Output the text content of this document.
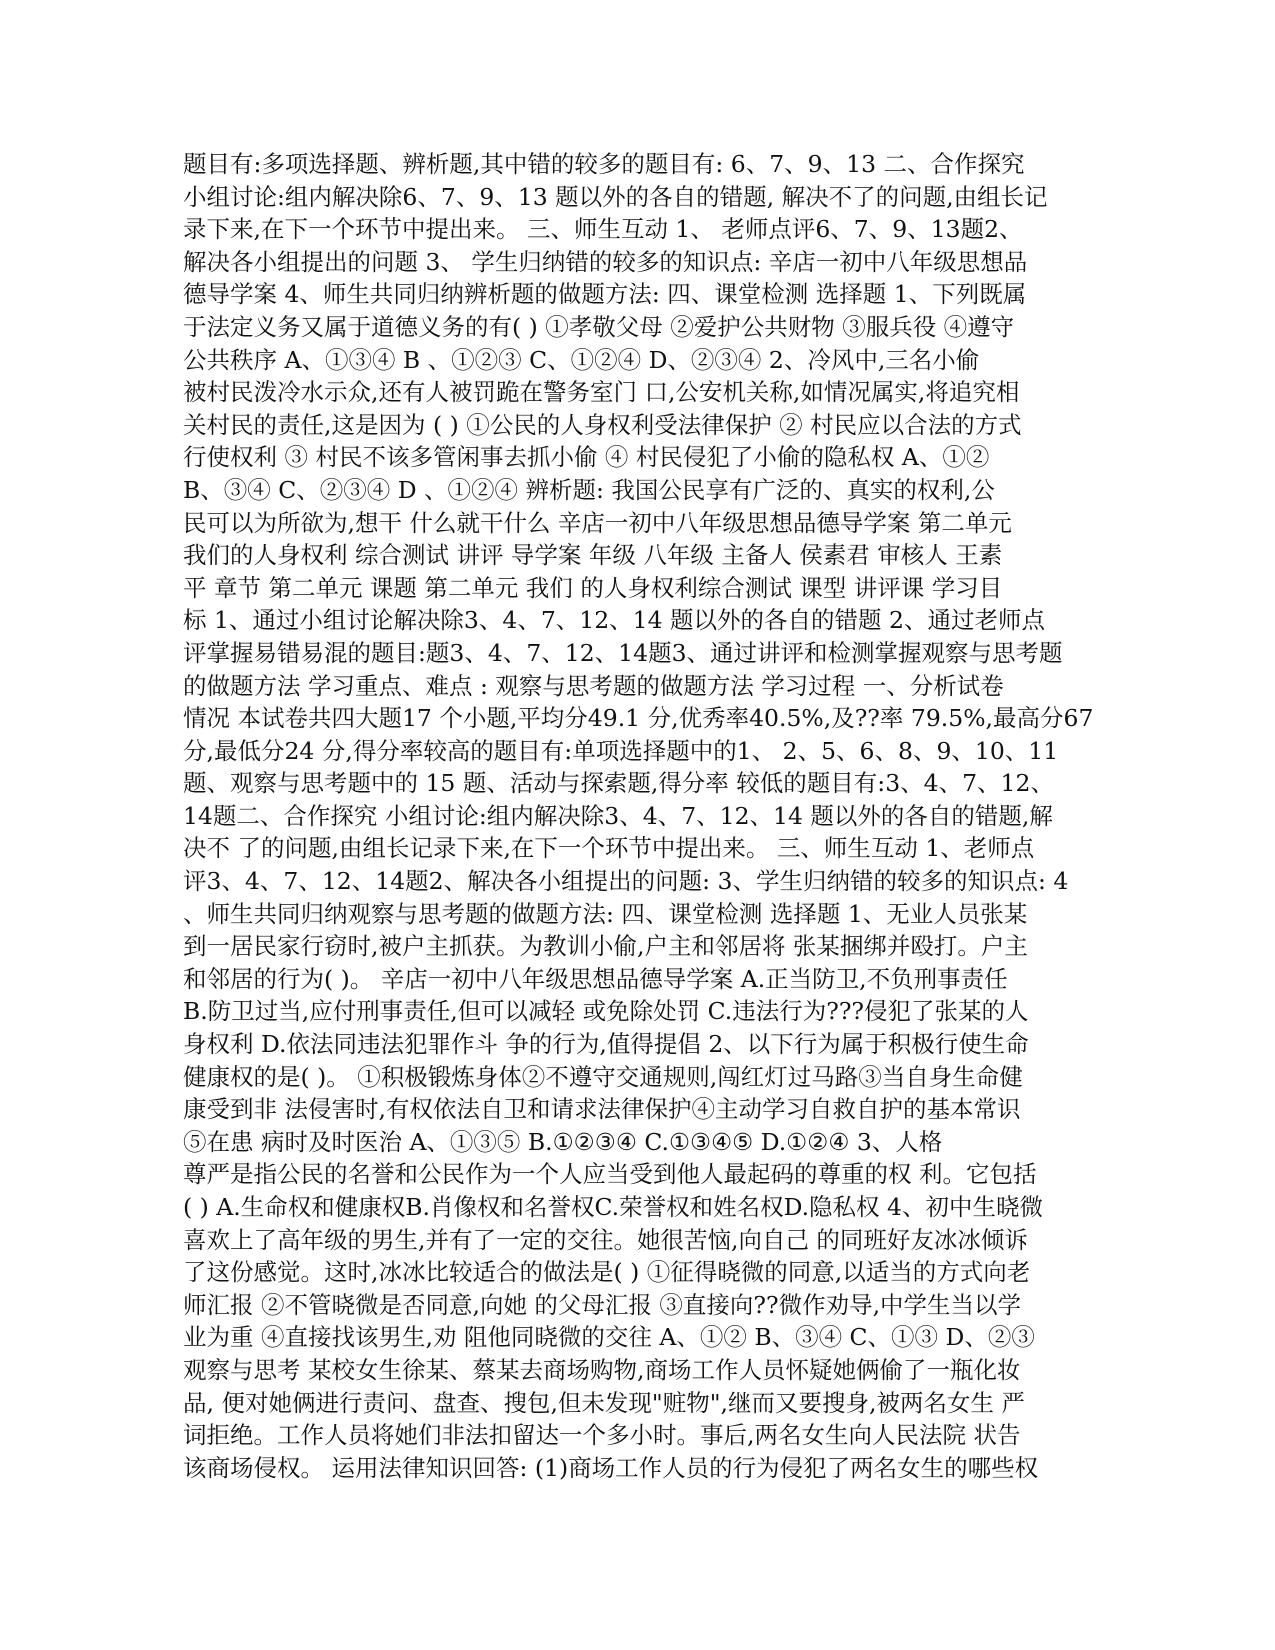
题目有:多项选择题、辨析题,其中错的较多的题目有: 6、7、9、13 二、合作探究
小组讨论:组内解决除6、7、9、13 题以外的各自的错题, 解决不了的问题,由组长记
录下来,在下一个环节中提出来。 三、师生互动 1、 老师点评6、7、9、13题2、
解决各小组提出的问题 3、 学生归纳错的较多的知识点: 辛店一初中八年级思想品
德导学案 4、师生共同归纳辨析题的做题方法: 四、课堂检测 选择题 1、下列既属
于法定义务又属于道德义务的有( ) ①孝敬父母 ②爱护公共财物 ③服兵役 ④遵守
公共秩序 A、①③④ B 、①②③ C、①②④ D、②③④ 2、冷风中,三名小偷
被村民泼冷水示众,还有人被罚跪在警务室门 口,公安机关称,如情况属实,将追究相
关村民的责任,这是因为 ( ) ①公民的人身权利受法律保护 ② 村民应以合法的方式
行使权利 ③ 村民不该多管闲事去抓小偷 ④ 村民侵犯了小偷的隐私权 A、①②
B、③④ C、②③④ D 、①②④ 辨析题: 我国公民享有广泛的、真实的权利,公
民可以为所欲为,想干 什么就干什么 辛店一初中八年级思想品德导学案 第二单元
我们的人身权利 综合测试 讲评 导学案 年级 八年级 主备人 侯素君 审核人 王素
平 章节 第二单元 课题 第二单元 我们 的人身权利综合测试 课型 讲评课 学习目
标 1、通过小组讨论解决除3、4、7、12、14 题以外的各自的错题 2、通过老师点
评掌握易错易混的题目:题3、4、7、12、14题3、通过讲评和检测掌握观察与思考题
的做题方法 学习重点、难点 : 观察与思考题的做题方法 学习过程 一、分析试卷
情况 本试卷共四大题17 个小题,平均分49.1 分,优秀率40.5%,及??率 79.5%,最高分67
分,最低分24 分,得分率较高的题目有:单项选择题中的1、 2、5、6、8、9、10、11
题、观察与思考题中的 15 题、活动与探索题,得分率 较低的题目有:3、4、7、12、
14题二、合作探究 小组讨论:组内解决除3、4、7、12、14 题以外的各自的错题,解
决不 了的问题,由组长记录下来,在下一个环节中提出来。 三、师生互动 1、老师点
评3、4、7、12、14题2、解决各小组提出的问题: 3、学生归纳错的较多的知识点: 4
、师生共同归纳观察与思考题的做题方法: 四、课堂检测 选择题 1、无业人员张某
到一居民家行窃时,被户主抓获。为教训小偷,户主和邻居将 张某捆绑并殴打。户主
和邻居的行为( )。 辛店一初中八年级思想品德导学案 A.正当防卫,不负刑事责任
B.防卫过当,应付刑事责任,但可以减轻 或免除处罚 C.违法行为???侵犯了张某的人
身权利 D.依法同违法犯罪作斗 争的行为,值得提倡 2、以下行为属于积极行使生命
健康权的是( )。 ①积极锻炼身体②不遵守交通规则,闯红灯过马路③当自身生命健
康受到非 法侵害时,有权依法自卫和请求法律保护④主动学习自救自护的基本常识
⑤在患 病时及时医治 A、①③⑤ B.①②③④ C.①③④⑤ D.①②④ 3、人格
尊严是指公民的名誉和公民作为一个人应当受到他人最起码的尊重的权 利。它包括
( ) A.生命权和健康权B.肖像权和名誉权C.荣誉权和姓名权D.隐私权 4、初中生晓微
喜欢上了高年级的男生,并有了一定的交往。她很苦恼,向自己 的同班好友冰冰倾诉
了这份感觉。这时,冰冰比较适合的做法是( ) ①征得晓微的同意,以适当的方式向老
师汇报 ②不管晓微是否同意,向她 的父母汇报 ③直接向??微作劝导,中学生当以学
业为重 ④直接找该男生,劝 阻他同晓微的交往 A、①② B、③④ C、①③ D、②③
观察与思考 某校女生徐某、蔡某去商场购物,商场工作人员怀疑她俩偷了一瓶化妆
品, 便对她俩进行责问、盘查、搜包,但未发现"赃物",继而又要搜身,被两名女生 严
词拒绝。工作人员将她们非法扣留达一个多小时。事后,两名女生向人民法院 状告
该商场侵权。 运用法律知识回答: (1)商场工作人员的行为侵犯了两名女生的哪些权
